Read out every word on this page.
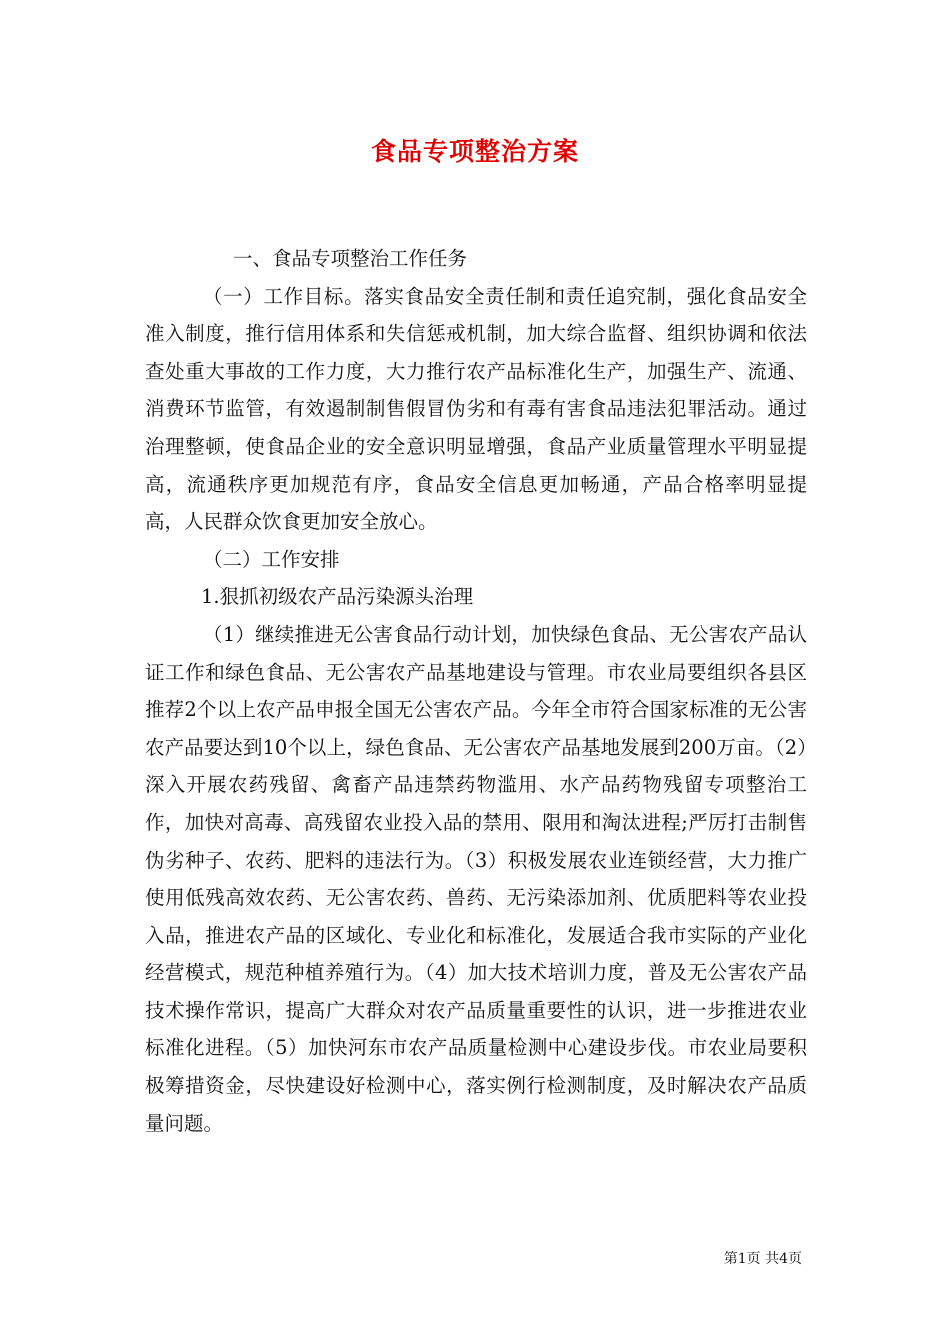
食品专项整治方案

一、食品专项整治工作任务

（一）工作目标。落实食品安全责任制和责任追究制，强化食品安全准入制度，推行信用体系和失信惩戒机制，加大综合监督、组织协调和依法查处重大事故的工作力度，大力推行农产品标准化生产，加强生产、流通、消费环节监管，有效遏制制售假冒伪劣和有毒有害食品违法犯罪活动。通过治理整顿，使食品企业的安全意识明显增强，食品产业质量管理水平明显提高，流通秩序更加规范有序，食品安全信息更加畅通，产品合格率明显提高，人民群众饮食更加安全放心。

（二）工作安排

1.狠抓初级农产品污染源头治理

（1）继续推进无公害食品行动计划，加快绿色食品、无公害农产品认证工作和绿色食品、无公害农产品基地建设与管理。市农业局要组织各县区推荐2个以上农产品申报全国无公害农产品。今年全市符合国家标准的无公害农产品要达到10个以上，绿色食品、无公害农产品基地发展到200万亩。（2）深入开展农药残留、禽畜产品违禁药物滥用、水产品药物残留专项整治工作，加快对高毒、高残留农业投入品的禁用、限用和淘汰进程;严厉打击制售伪劣种子、农药、肥料的违法行为。（3）积极发展农业连锁经营，大力推广使用低残高效农药、无公害农药、兽药、无污染添加剂、优质肥料等农业投入品，推进农产品的区域化、专业化和标准化，发展适合我市实际的产业化经营模式，规范种植养殖行为。（4）加大技术培训力度，普及无公害农产品技术操作常识，提高广大群众对农产品质量重要性的认识，进一步推进农业标准化进程。（5）加快河东市农产品质量检测中心建设步伐。市农业局要积极筹措资金，尽快建设好检测中心，落实例行检测制度，及时解决农产品质量问题。

第1页 共4页
